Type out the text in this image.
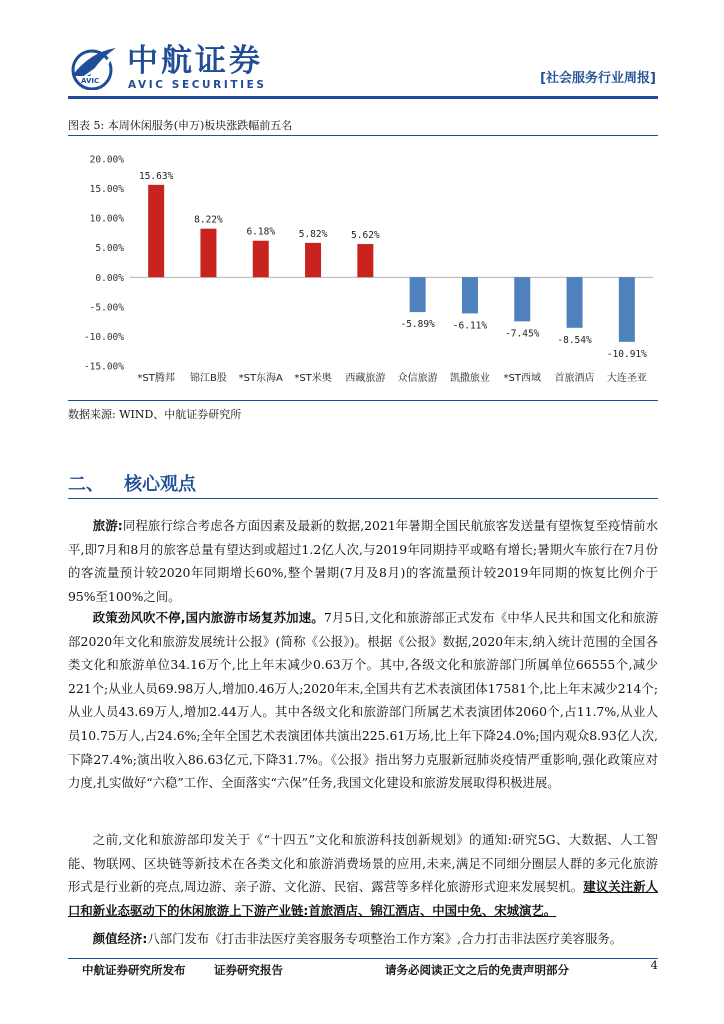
AVIC
中航证券
AVIC SECURITIES	[社会服务行业周报]
图表 5: 本周休闲服务(申万)板块涨跌幅前五名
20.00%
15.00%
10.00%
5.00%
0.00%
-5.00%
-10.00%
-15.00%
15.63%
*ST腾邦
8.22%
锦江B股
6.18%
*ST东海A
5.82%
*ST米奥
5.62%
西藏旅游
-5.89%
众信旅游
-6.11%
凯撒旅业
-7.45%
*ST西域
-8.54%
首旅酒店
-10.91%
大连圣亚
数据来源: WIND、中航证券研究所
二、 核心观点

旅游:同程旅行综合考虑各方面因素及最新的数据,2021年暑期全国民航旅客发送量有望恢复至疫情前水平,即7月和8月的旅客总量有望达到或超过1.2亿人次,与2019年同期持平或略有增长;暑期火车旅行在7月份的客流量预计较2020年同期增长60%,整个暑期(7月及8月)的客流量预计较2019年同期的恢复比例介于95%至100%之间。

政策劲风吹不停,国内旅游市场复苏加速。7月5日,文化和旅游部正式发布《中华人民共和国文化和旅游部2020年文化和旅游发展统计公报》(简称《公报》)。根据《公报》数据,2020年末,纳入统计范围的全国各类文化和旅游单位34.16万个,比上年末减少0.63万个。其中,各级文化和旅游部门所属单位66555个,减少221个;从业人员69.98万人,增加0.46万人;2020年末,全国共有艺术表演团体17581个,比上年末减少214个;从业人员43.69万人,增加2.44万人。其中各级文化和旅游部门所属艺术表演团体2060个,占11.7%,从业人员10.75万人,占24.6%;全年全国艺术表演团体共演出225.61万场,比上年下降24.0%;国内观众8.93亿人次,下降27.4%;演出收入86.63亿元,下降31.7%。《公报》指出努力克服新冠肺炎疫情严重影响,强化政策应对力度,扎实做好“六稳”工作、全面落实“六保”任务,我国文化建设和旅游发展取得积极进展。

之前,文化和旅游部印发关于《“十四五”文化和旅游科技创新规划》的通知:研究5G、大数据、人工智能、物联网、区块链等新技术在各类文化和旅游消费场景的应用,未来,满足不同细分圈层人群的多元化旅游形式是行业新的亮点,周边游、亲子游、文化游、民宿、露营等多样化旅游形式迎来发展契机。建议关注新人口和新业态驱动下的休闲旅游上下游产业链:首旅酒店、锦江酒店、中国中免、宋城演艺。

颜值经济:八部门发布《打击非法医疗美容服务专项整治工作方案》,合力打击非法医疗美容服务。

中航证券研究所发布 证券研究报告	请务必阅读正文之后的免责声明部分	4
